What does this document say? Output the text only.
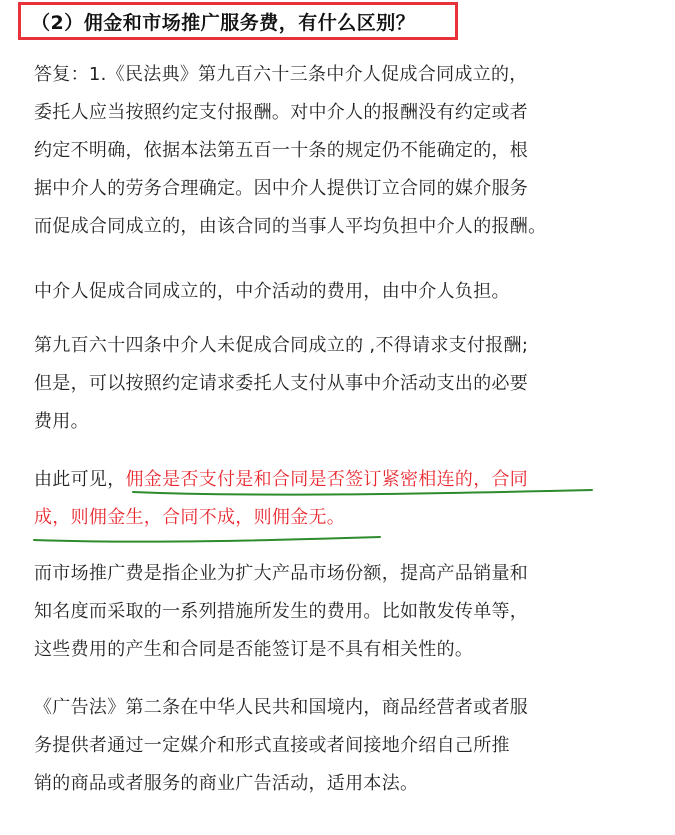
（2）佣金和市场推广服务费，有什么区别？
答复：1.《民法典》第九百六十三条中介人促成合同成立的，
委托人应当按照约定支付报酬。对中介人的报酬没有约定或者
约定不明确，依据本法第五百一十条的规定仍不能确定的，根
据中介人的劳务合理确定。因中介人提供订立合同的媒介服务
而促成合同成立的，由该合同的当事人平均负担中介人的报酬。
中介人促成合同成立的，中介活动的费用，由中介人负担。
第九百六十四条中介人未促成合同成立的 ,不得请求支付报酬;
但是，可以按照约定请求委托人支付从事中介活动支出的必要
费用。
由此可见，佣金是否支付是和合同是否签订紧密相连的，合同
成，则佣金生，合同不成，则佣金无。
而市场推广费是指企业为扩大产品市场份额，提高产品销量和
知名度而采取的一系列措施所发生的费用。比如散发传单等，
这些费用的产生和合同是否能签订是不具有相关性的。
《广告法》第二条在中华人民共和国境内，商品经营者或者服
务提供者通过一定媒介和形式直接或者间接地介绍自己所推
销的商品或者服务的商业广告活动，适用本法。
